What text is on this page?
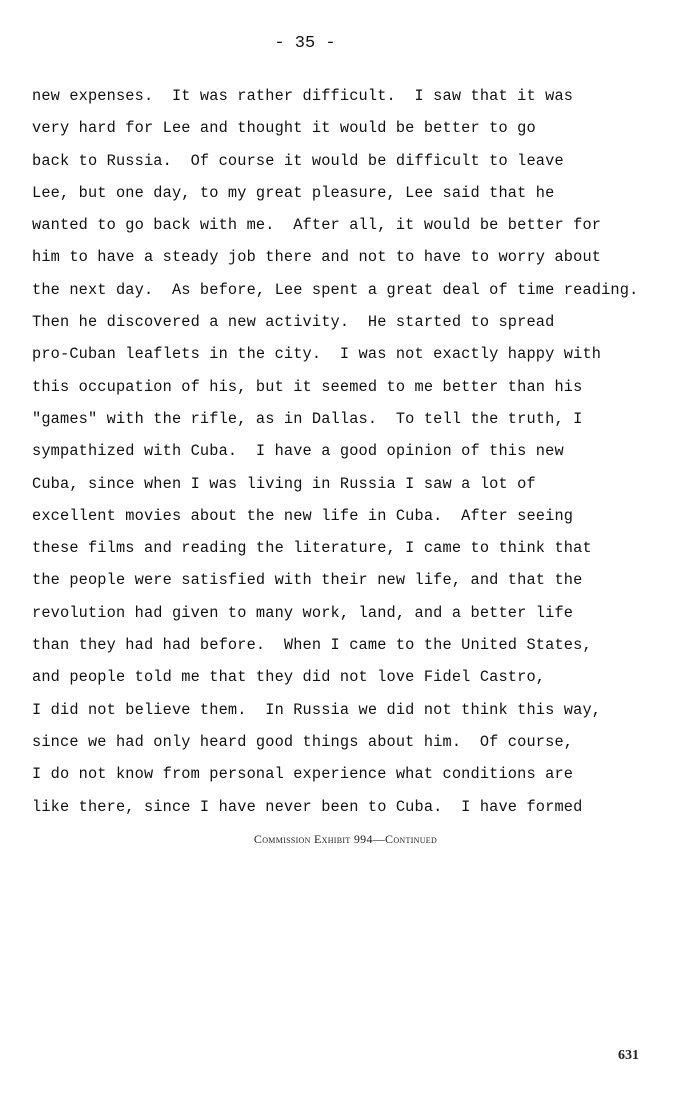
- 35 -
new expenses.  It was rather difficult.  I saw that it was
very hard for Lee and thought it would be better to go
back to Russia.  Of course it would be difficult to leave
Lee, but one day, to my great pleasure, Lee said that he
wanted to go back with me.  After all, it would be better for
him to have a steady job there and not to have to worry about
the next day.  As before, Lee spent a great deal of time reading.
Then he discovered a new activity.  He started to spread
pro-Cuban leaflets in the city.  I was not exactly happy with
this occupation of his, but it seemed to me better than his
"games" with the rifle, as in Dallas.  To tell the truth, I
sympathized with Cuba.  I have a good opinion of this new
Cuba, since when I was living in Russia I saw a lot of
excellent movies about the new life in Cuba.  After seeing
these films and reading the literature, I came to think that
the people were satisfied with their new life, and that the
revolution had given to many work, land, and a better life
than they had had before.  When I came to the United States,
and people told me that they did not love Fidel Castro,
I did not believe them.  In Russia we did not think this way,
since we had only heard good things about him.  Of course,
I do not know from personal experience what conditions are
like there, since I have never been to Cuba.  I have formed
Commission Exhibit 994—Continued
631
